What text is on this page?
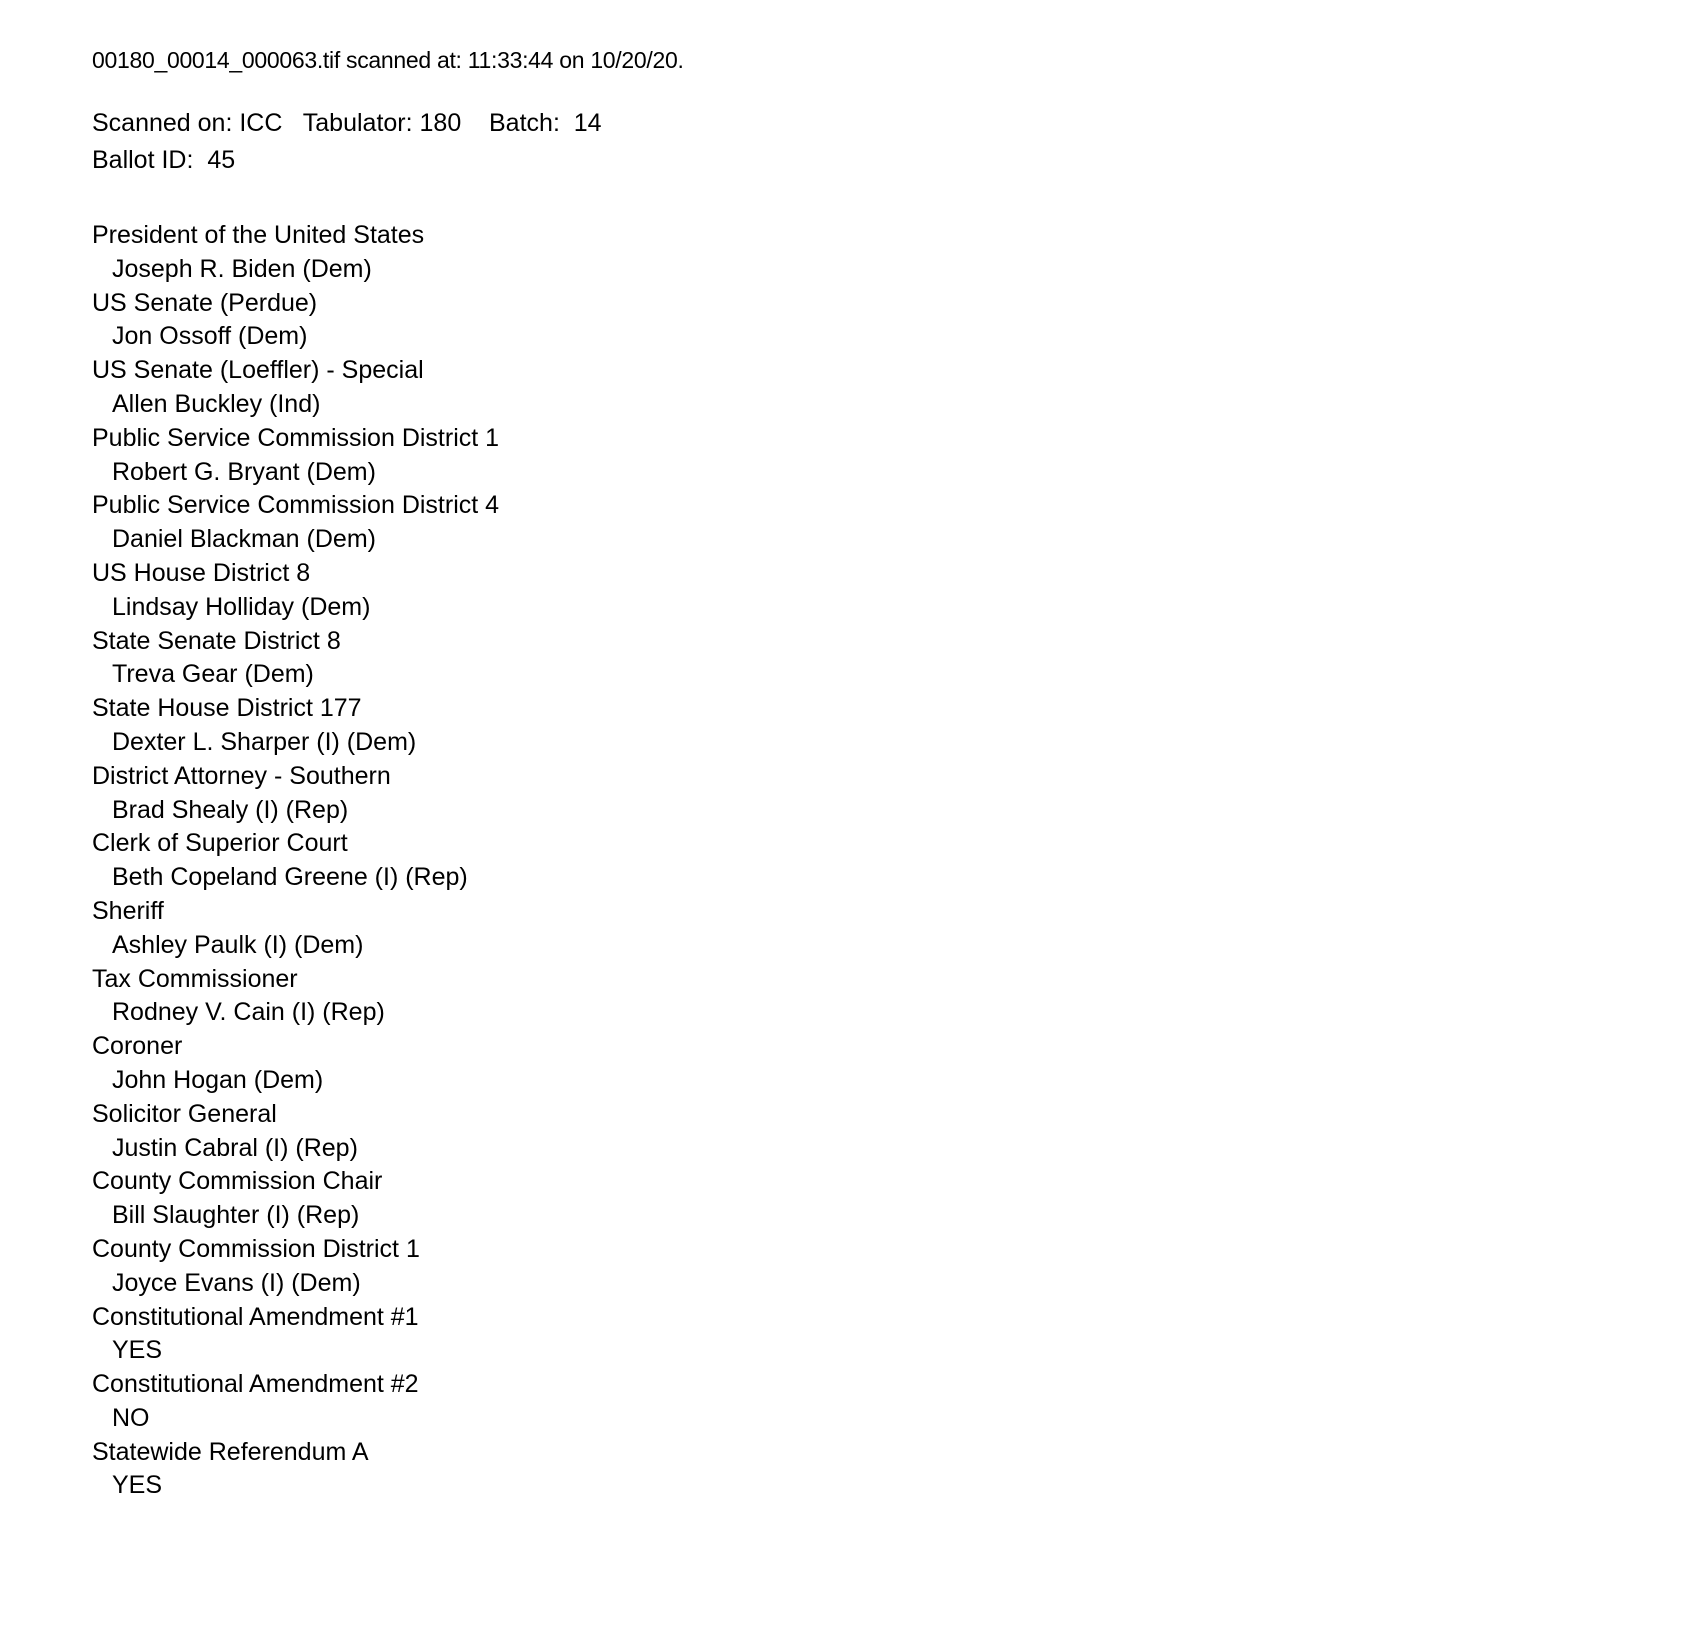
00180_00014_000063.tif scanned at: 11:33:44 on 10/20/20.
Scanned on: ICC   Tabulator: 180    Batch:  14
Ballot ID:  45
President of the United States
Joseph R. Biden (Dem)
US Senate (Perdue)
Jon Ossoff (Dem)
US Senate (Loeffler) - Special
Allen Buckley (Ind)
Public Service Commission District 1
Robert G. Bryant (Dem)
Public Service Commission District 4
Daniel Blackman (Dem)
US House District 8
Lindsay Holliday (Dem)
State Senate District 8
Treva Gear (Dem)
State House District 177
Dexter L. Sharper (I) (Dem)
District Attorney - Southern
Brad Shealy (I) (Rep)
Clerk of Superior Court
Beth Copeland Greene (I) (Rep)
Sheriff
Ashley Paulk (I) (Dem)
Tax Commissioner
Rodney V. Cain (I) (Rep)
Coroner
John Hogan (Dem)
Solicitor General
Justin Cabral (I) (Rep)
County Commission Chair
Bill Slaughter (I) (Rep)
County Commission District 1
Joyce Evans (I) (Dem)
Constitutional Amendment #1
YES
Constitutional Amendment #2
NO
Statewide Referendum A
YES
